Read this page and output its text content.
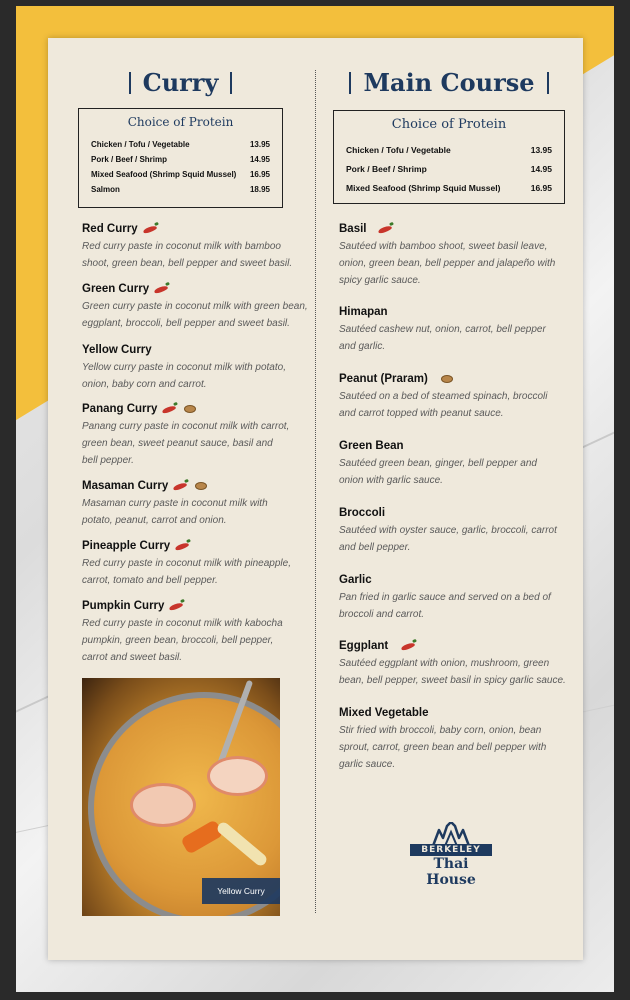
Curry
Choice of Protein
Chicken / Tofu / Vegetable	13.95
Pork / Beef / Shrimp	14.95
Mixed Seafood (Shrimp Squid Mussel) 16.95
Salmon	18.95
Red Curry
Red curry paste in coconut milk with bamboo
shoot, green bean, bell pepper and sweet basil.
Green Curry
Green curry paste in coconut milk with green bean,
eggplant, broccoli, bell pepper and sweet basil.
Yellow Curry
Yellow curry paste in coconut milk with potato,
onion, baby corn and carrot.
Panang Curry
Panang curry paste in coconut milk with carrot,
green bean, sweet peanut sauce, basil and
bell pepper.
Masaman Curry
Masaman curry paste in coconut milk with
potato, peanut, carrot and onion.
Pineapple Curry
Red curry paste in coconut milk with pineapple,
carrot, tomato and bell pepper.
Pumpkin Curry
Red curry paste in coconut milk with kabocha
pumpkin, green bean, broccoli, bell pepper,
carrot and sweet basil.
Yellow Curry
Main Course
Choice of Protein
Chicken / Tofu / Vegetable	13.95
Pork / Beef / Shrimp	14.95
Mixed Seafood (Shrimp Squid Mussel)	16.95
Basil
Sautéed with bamboo shoot, sweet basil leave,
onion, green bean, bell pepper and jalapeño with
spicy garlic sauce.
Himapan
Sautéed cashew nut, onion, carrot, bell pepper
and garlic.
Peanut (Praram)
Sautéed on a bed of steamed spinach, broccoli
and carrot topped with peanut sauce.
Green Bean
Sautéed green bean, ginger, bell pepper and
onion with garlic sauce.
Broccoli
Sautéed with oyster sauce, garlic, broccoli, carrot
and bell pepper.
Garlic
Pan fried in garlic sauce and served on a bed of
broccoli and carrot.
Eggplant
Sautéed eggplant with onion, mushroom, green
bean, bell pepper, sweet basil in spicy garlic sauce.
Mixed Vegetable
Stir fried with broccoli, baby corn, onion, bean
sprout, carrot, green bean and bell pepper with
garlic sauce.
BERKELEY
Thai House
